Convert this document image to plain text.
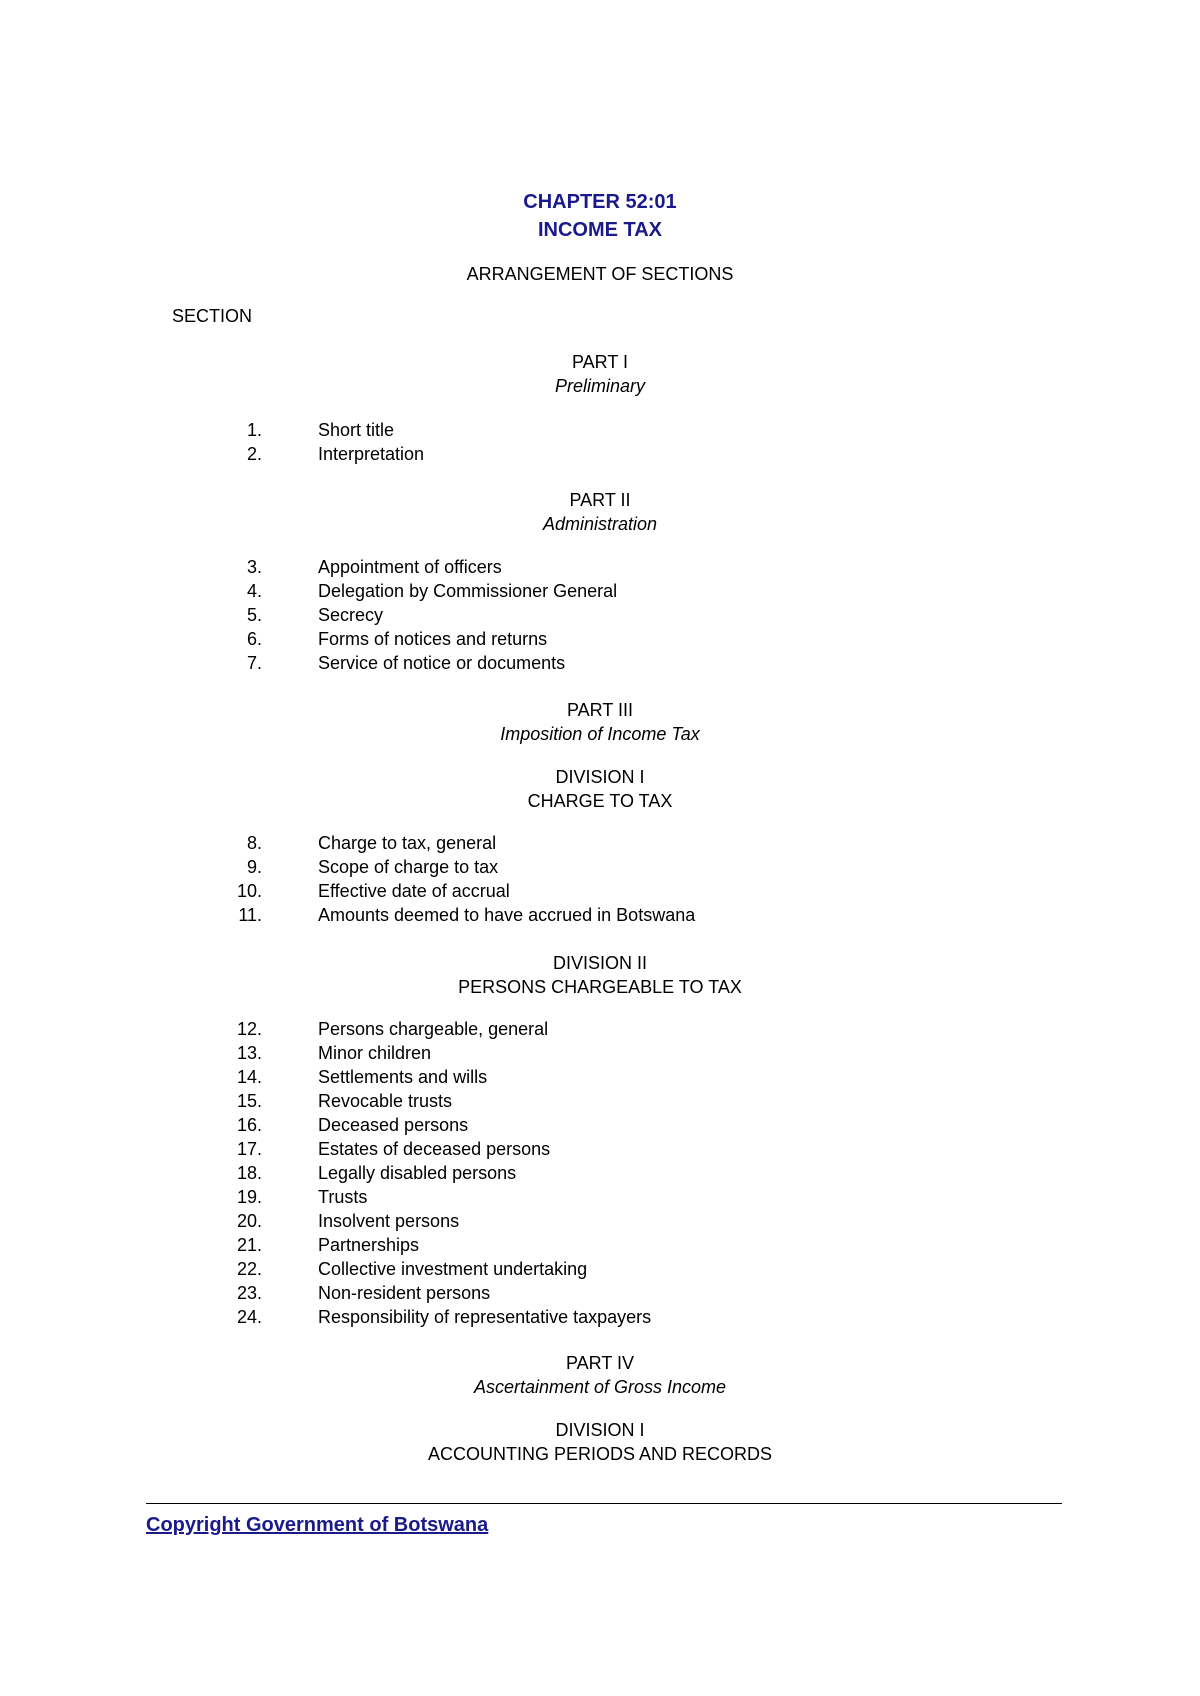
CHAPTER 52:01
INCOME TAX
ARRANGEMENT OF SECTIONS
SECTION
PART I
Preliminary
1.	Short title
2.	Interpretation
PART II
Administration
3.	Appointment of officers
4.	Delegation by Commissioner General
5.	Secrecy
6.	Forms of notices and returns
7.	Service of notice or documents
PART III
Imposition of Income Tax
DIVISION I
CHARGE TO TAX
8.	Charge to tax, general
9.	Scope of charge to tax
10.	Effective date of accrual
11.	Amounts deemed to have accrued in Botswana
DIVISION II
PERSONS CHARGEABLE TO TAX
12.	Persons chargeable, general
13.	Minor children
14.	Settlements and wills
15.	Revocable trusts
16.	Deceased persons
17.	Estates of deceased persons
18.	Legally disabled persons
19.	Trusts
20.	Insolvent persons
21.	Partnerships
22.	Collective investment undertaking
23.	Non-resident persons
24.	Responsibility of representative taxpayers
PART IV
Ascertainment of Gross Income
DIVISION I
ACCOUNTING PERIODS AND RECORDS
Copyright Government of Botswana
